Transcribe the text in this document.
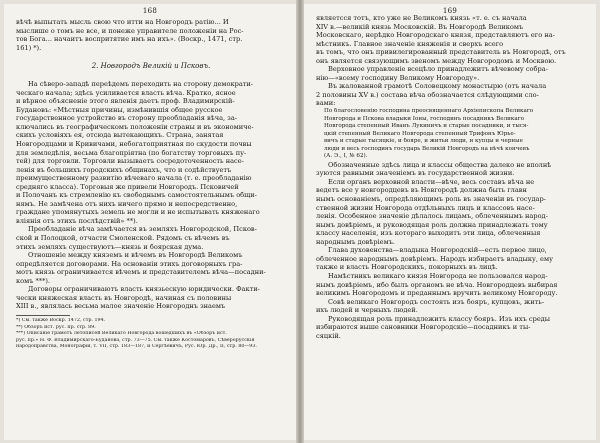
168

вѣчѣ выпытать мысль свою что итти на Новгородъ ратiю... И

мыслише о томъ не все, и понеже управителе положенiи на Рос-

тов Бога... начаитъ воспритятие имъ на ихъ». (Воскр., 1471, стр.

161) *).

2. Новгородъ Великiй и Псковъ.

На сѣверо-западѣ переѣдемъ переходить на сторону демократи-

ческаго начала; здѣсь усиливается власть вѣча. Кратко, ясное

и вѣрное объясненiе этого явленiя даетъ проф. Владимирскiй-

Будановъ: «Мѣстныя причины, измѣнившiя общее русское

государственное устройство въ сторону преобладанiя вѣча, за-

ключались въ географическомъ положенiи страны и въ экономиче-

скихъ условiяхъ ея, отсюда вытекающихъ. Страна, занятая

Новгородцами и Кривичами, небогатоприятная по скудости почвы

для земледѣлiя, весьма благопрiятна (по богатству торговыхъ пу-

тей) для торговли. Торговли вызываетъ сосредоточенность насе-

ленiя въ большихъ городскихъ общинахъ, что и содѣйствуетъ

преимущественному развитiю вѣчеваго начала (т. е. преобладанiю

средняго класса). Торговыя же привели Новгородъ. Псковичей

и Полочанъ къ стремленiю къ свободнымъ самостоятельнымъ общи-

нямъ. Не замѣчена отъ нихъ ничего прямо и непосредственно,

граждане упомянутыхъ земель не могли и не испытывать княженаго

влiянiя отъ этихъ послѣдствiй» **).

Преобладанiе вѣча замѣчается въ земляхъ Новгородской, Псков-

ской и Полоцкой, отчасти Смоленской. Рядомъ съ вѣчемъ въ

этихъ земляхъ существуютъ—князь и боярская дума.

Отношенiе между княземъ и вѣчемъ въ Новгородѣ Великомъ

опредѣляется договорами. На основанiи этихъ договорныхъ гра-

мотъ князь ограничивается вѣчемъ и представителемъ вѣча—посадни-

комъ ***).

Договоры ограничиваютъ власть князьескую юридически. Факти-

чески княжеская власть въ Новгородѣ, начиная съ половины

XIII в., являлась весьма малое значенiе Новгороднъ знаемъ

*) См. также Воскр. 1472, стр. 194.

**) Обзоръ ист. рус. пр. стр. 89.

***) Описанiе грамотъ летописей Великаго Новгорода вошедшихъ въ «Обзоръ ист.

рус. пр.» Н. Ф. Владимирскаго-Буданова, стр. 73—75. См. также Костомаровъ, Сѣверорусскiя

народоправства, Монографiи, т. VII, стр. 183—187, и Сергѣевичъ, Рус. Юр. Др., II, стр. 80—93.

169

являетсся тотъ, кто уже не Великомъ князь «т. е. съ начала

XIV в.—великiй князь Московскiй. Въ Новгородѣ Великомъ

Московскаго, нерѣдко Новгородскаго князя, представляютъ его на-

мѣстникъ. Главное значенiе княженiя и сверхъ всего

въ томъ, что онъ привилегированный представитель въ Новгородѣ, отъ

онъ является связующимъ звеномъ между Новгородомъ и Москвою.

Верховное управленiе всецѣло принадлежитъ вѣчевому собра-

нiю—«всему господину Великому Новгороду».

Въ жалованной грамотѣ Соловецкому монастырю (отъ начала

2 половины XV в.) состава вѣча обозначается слѣдующими сло-

вами:

По благословенiю господина преосвященнаго Архiепископа Великаго

Новгорода и Пскова владыки Iоны, господинъ посадникъ Великаго

Новгорода степенный Иванъ Лукиничъ и старые посадники, и тыся-

цкiй степенный Великаго Новгорода степенный Трифонъ Юрье-

вичъ и старые тысяцкiе, и бояре, и житьи люди, и купцы и черные

люди и весь господинъ государь Великiй Новгородъ на вѣчѣ кончевъ

(А. Э., I, № 62).

Обозначенные здѣсь лица и классы общества далеко не вполнѣ

зуются равными значенiемъ въ государственной жизни.

Если органъ верховной власти—вѣче, весь составъ вѣча не

ведетъ все у новгородцевъ въ Новгородѣ должна быть главн

нымъ основанiемъ, опредѣляющимъ роль въ значенiи въ государ-

ственной жизни Новгорода отдѣльныхъ лицъ и классовъ насе-

ленiя. Особенное значенiе дѣлалось лицамъ, облеченнымъ народ-

нымъ довѣрiемъ, и руководящая роль должна принадлежать тому

классу населенiя, изъ котораго выходитъ эти лица, облеченныя

народнымъ довѣрiемъ.

Глава духовенства—владыка Новгородскiй—есть первое лицо,

облеченное народнымъ довѣрiемъ. Народъ избираетъ владыку, ему

также и власть Новгородскихъ, покорныхъ въ лицѣ.

Намѣстникъ великаго князя Новгорода не пользовался народ-

нымъ довѣрiемъ, ибо былъ органомъ не вѣча. Новгородцевъ выбирая

великимъ Новгородомъ и преданнымъ вручить великому Новгороду.

Совѣ великаго Новгородъ состоять изъ бояръ, купцовъ, жить-

ихъ людей и черныхъ людей.

Руководящая роль принадлежитъ классу бояръ. Изъ ихъ среды

избираются выше сановники Новгородскiе—посадникъ и ты-

сяцкiй.
